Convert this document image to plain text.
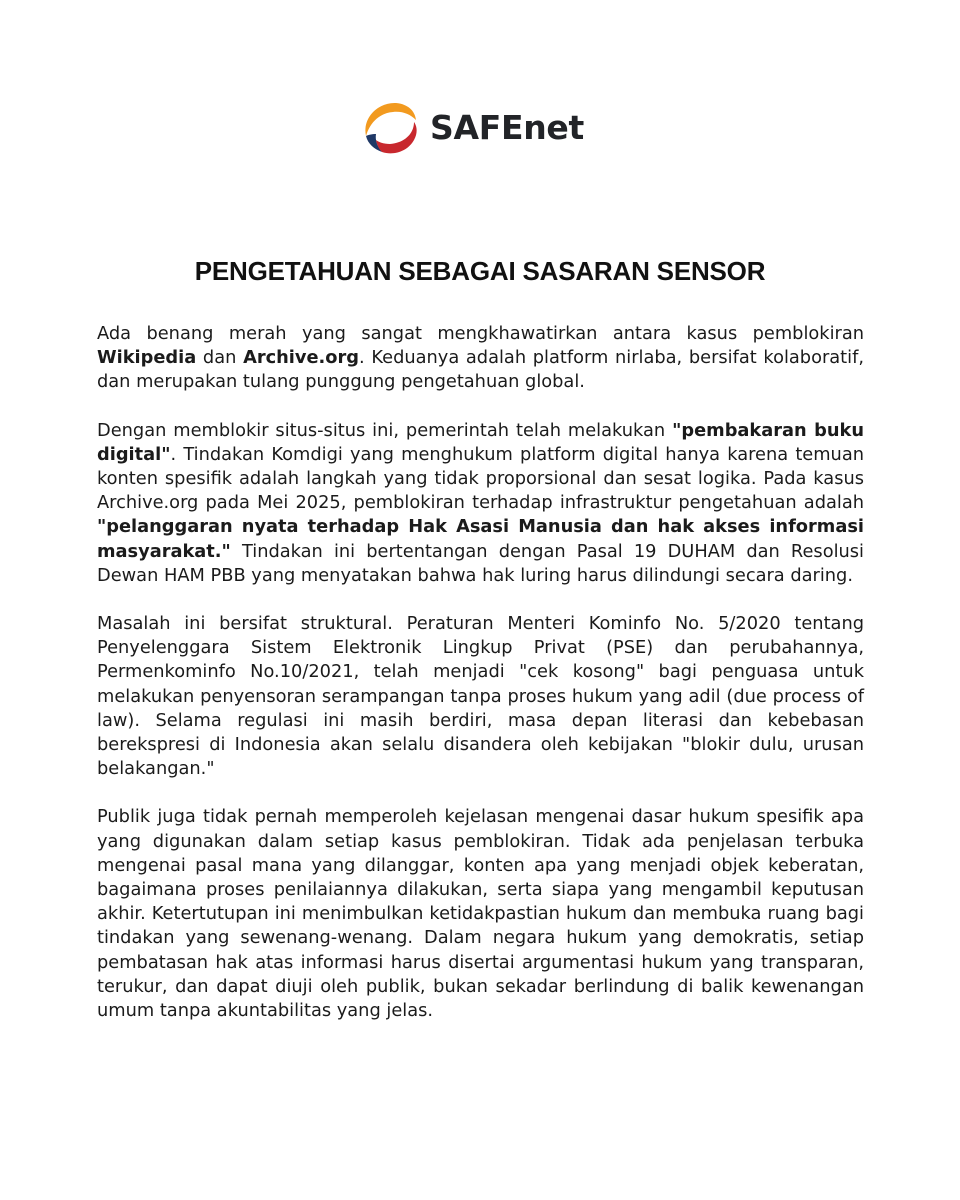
SAFEnet
PENGETAHUAN SEBAGAI SASARAN SENSOR

Ada benang merah yang sangat mengkhawatirkan antara kasus pemblokiran Wikipedia dan Archive.org. Keduanya adalah platform nirlaba, bersifat kolaboratif, dan merupakan tulang punggung pengetahuan global.

Dengan memblokir situs-situs ini, pemerintah telah melakukan "pembakaran buku digital". Tindakan Komdigi yang menghukum platform digital hanya karena temuan konten spesifik adalah langkah yang tidak proporsional dan sesat logika. Pada kasus Archive.org pada Mei 2025, pemblokiran terhadap infrastruktur pengetahuan adalah "pelanggaran nyata terhadap Hak Asasi Manusia dan hak akses informasi masyarakat." Tindakan ini bertentangan dengan Pasal 19 DUHAM dan Resolusi Dewan HAM PBB yang menyatakan bahwa hak luring harus dilindungi secara daring.

Masalah ini bersifat struktural. Peraturan Menteri Kominfo No. 5/2020 tentang Penyelenggara Sistem Elektronik Lingkup Privat (PSE) dan perubahannya, Permenkominfo No.10/2021, telah menjadi "cek kosong" bagi penguasa untuk melakukan penyensoran serampangan tanpa proses hukum yang adil (due process of law). Selama regulasi ini masih berdiri, masa depan literasi dan kebebasan berekspresi di Indonesia akan selalu disandera oleh kebijakan "blokir dulu, urusan belakangan."

Publik juga tidak pernah memperoleh kejelasan mengenai dasar hukum spesifik apa yang digunakan dalam setiap kasus pemblokiran. Tidak ada penjelasan terbuka mengenai pasal mana yang dilanggar, konten apa yang menjadi objek keberatan, bagaimana proses penilaiannya dilakukan, serta siapa yang mengambil keputusan akhir. Ketertutupan ini menimbulkan ketidakpastian hukum dan membuka ruang bagi tindakan yang sewenang-wenang. Dalam negara hukum yang demokratis, setiap pembatasan hak atas informasi harus disertai argumentasi hukum yang transparan, terukur, dan dapat diuji oleh publik, bukan sekadar berlindung di balik kewenangan umum tanpa akuntabilitas yang jelas.
